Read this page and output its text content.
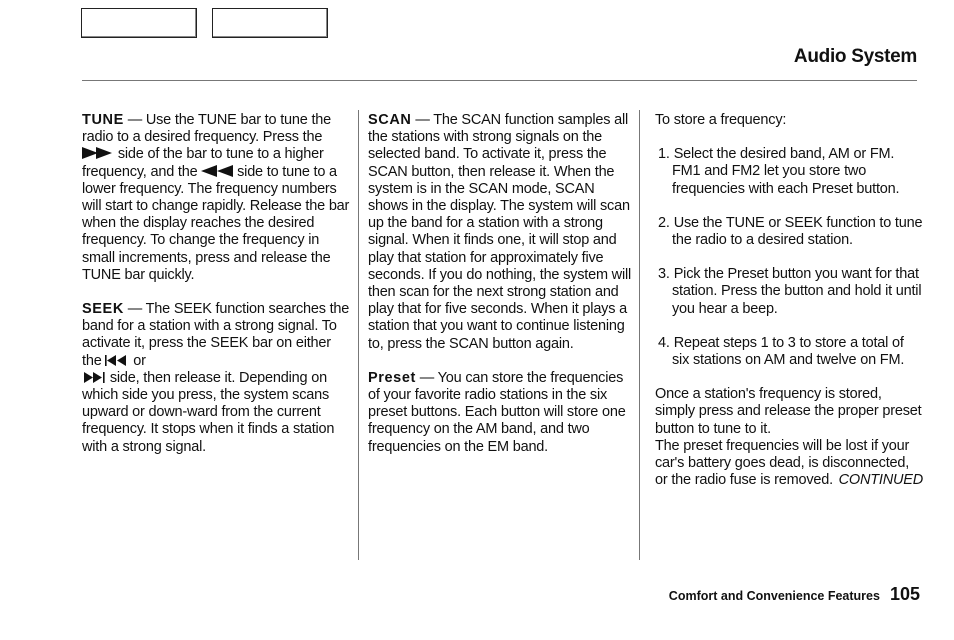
Audio System

TUNE — Use the TUNE bar to tune the radio to a desired frequency. Press the  side of the bar to tune to a higher frequency, and the	side to tune to a lower frequency. The frequency numbers will start to change rapidly. Release the bar when the display reaches the desired frequency. To change the frequency in small increments, press and release the TUNE bar quickly.

SEEK — The SEEK function searches the band for a station with a strong signal. To activate it, press the SEEK bar on either the or
side, then release it. Depending on which side you press, the system scans upward or down-ward from the current frequency. It stops when it finds a station with a strong signal.

SCAN — The SCAN function samples all the stations with strong signals on the selected band. To activate it, press the SCAN button, then release it. When the system is in the SCAN mode, SCAN shows in the display. The system will scan up the band for a station with a strong signal. When it finds one, it will stop and play that station for approximately five seconds. If you do nothing, the system will then scan for the next strong station and play that for five seconds. When it plays a station that you want to continue listening to, press the SCAN button again.

Preset — You can store the frequencies of your favorite radio stations in the six preset buttons. Each button will store one frequency on the AM band, and two frequencies on the EM band.

To store a frequency:

1. Select the desired band, AM or FM. FM1 and FM2 let you store two frequencies with each Preset button.

2. Use the TUNE or SEEK function to tune the radio to a desired station.

3. Pick the Preset button you want for that station. Press the button and hold it until you hear a beep.

4. Repeat steps 1 to 3 to store a total of six stations on AM and twelve on FM.

Once a station's frequency is stored, simply press and release the proper preset button to tune to it.

The preset frequencies will be lost if your car's battery goes dead, is disconnected, or the radio fuse is removed. CONTINUED

Comfort and Convenience Features 105
